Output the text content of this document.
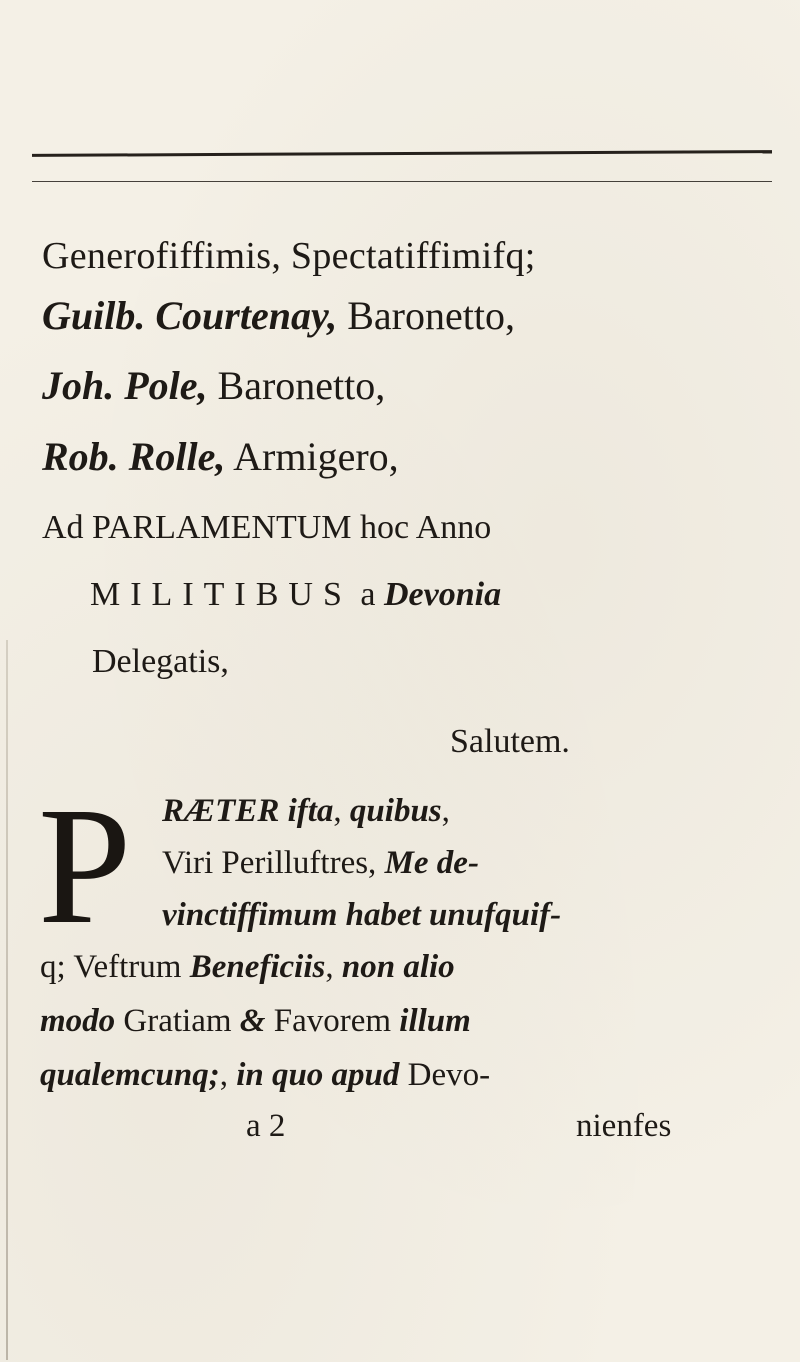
Generofiffimis, Spectatiffimifq;
Guilb. Courtenay, Baronetto,
Joh. Pole, Baronetto,
Rob. Rolle, Armigero,
Ad PARLAMENTUM hoc Anno
MILITIBUS a Devonia
Delegatis,
Salutem.
P RÆTER ifta, quibus,
Viri Perilluftres, Me de-
vinctiffimum habet unufquif-
q; Veftrum Beneficiis, non alio
modo Gratiam & Favorem illum
qualemcunq;, in quo apud Devo-
a 2	nienfes
